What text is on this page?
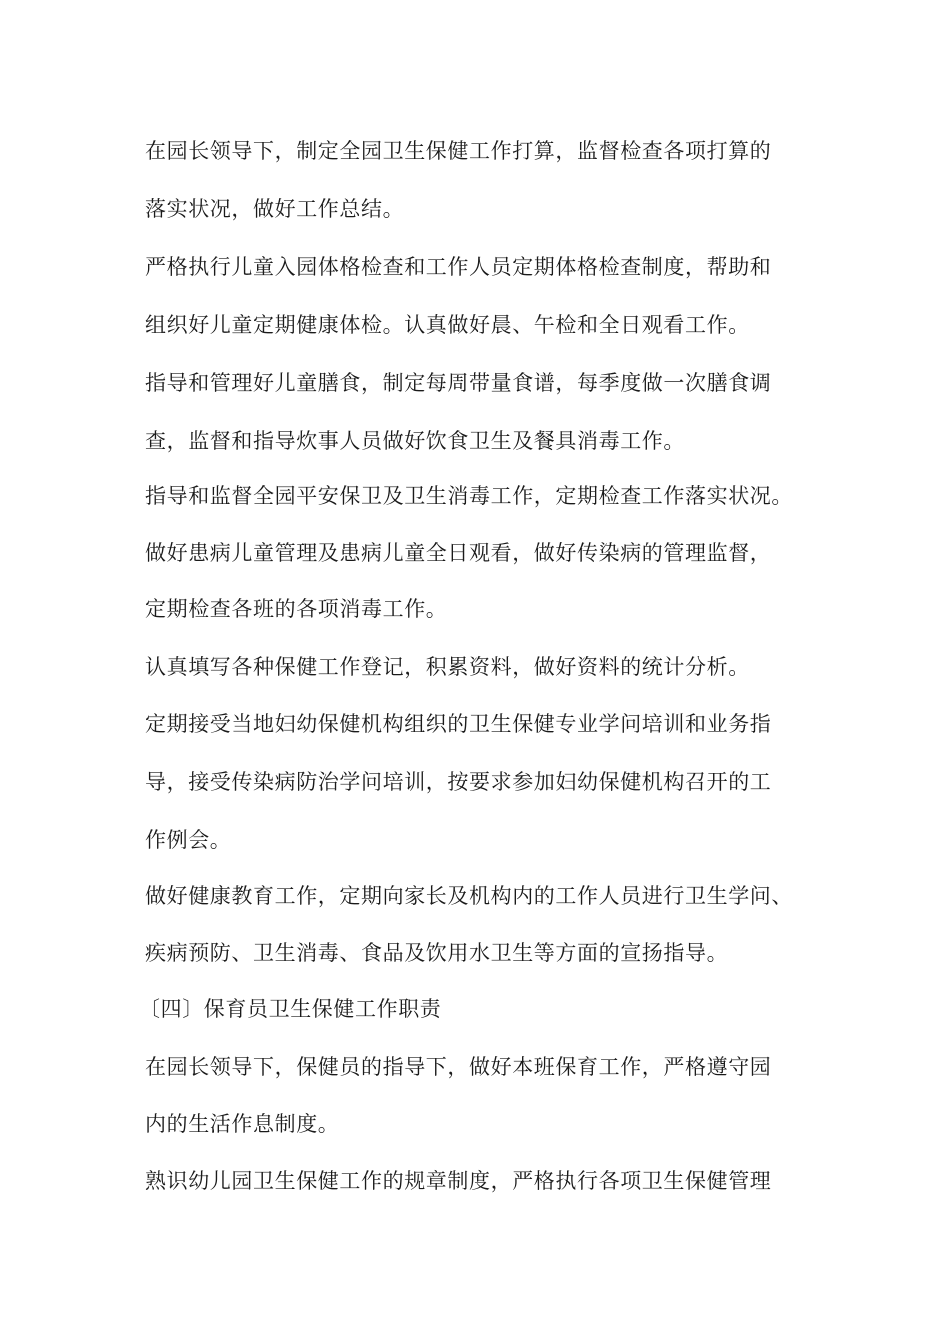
在园长领导下，制定全园卫生保健工作打算，监督检查各项打算的
落实状况，做好工作总结。
严格执行儿童入园体格检查和工作人员定期体格检查制度，帮助和
组织好儿童定期健康体检。认真做好晨、午检和全日观看工作。
指导和管理好儿童膳食，制定每周带量食谱，每季度做一次膳食调
查，监督和指导炊事人员做好饮食卫生及餐具消毒工作。
指导和监督全园平安保卫及卫生消毒工作，定期检查工作落实状况。
做好患病儿童管理及患病儿童全日观看，做好传染病的管理监督，
定期检查各班的各项消毒工作。
认真填写各种保健工作登记，积累资料，做好资料的统计分析。
定期接受当地妇幼保健机构组织的卫生保健专业学问培训和业务指
导，接受传染病防治学问培训，按要求参加妇幼保健机构召开的工
作例会。
做好健康教育工作，定期向家长及机构内的工作人员进行卫生学问、
疾病预防、卫生消毒、食品及饮用水卫生等方面的宣扬指导。
〔四〕保育员卫生保健工作职责
在园长领导下，保健员的指导下，做好本班保育工作，严格遵守园
内的生活作息制度。
熟识幼儿园卫生保健工作的规章制度，严格执行各项卫生保健管理
